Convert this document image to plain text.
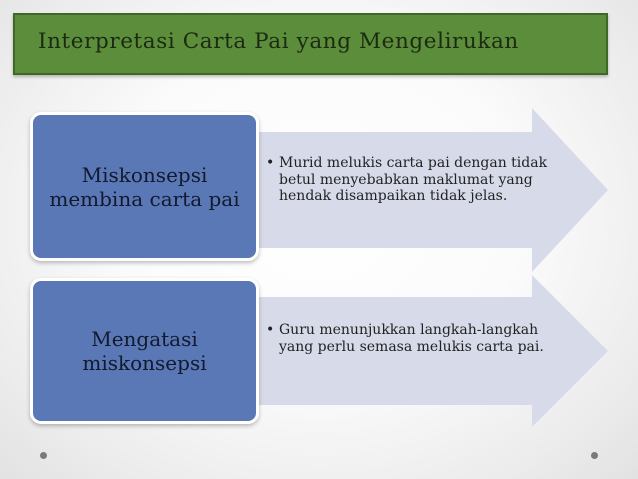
Interpretasi Carta Pai yang Mengelirukan
• Murid melukis carta pai dengan tidak betul menyebabkan maklumat yang hendak disampaikan tidak jelas.
Miskonsepsi membina carta pai
• Guru menunjukkan langkah-langkah yang perlu semasa melukis carta pai.
Mengatasi miskonsepsi
